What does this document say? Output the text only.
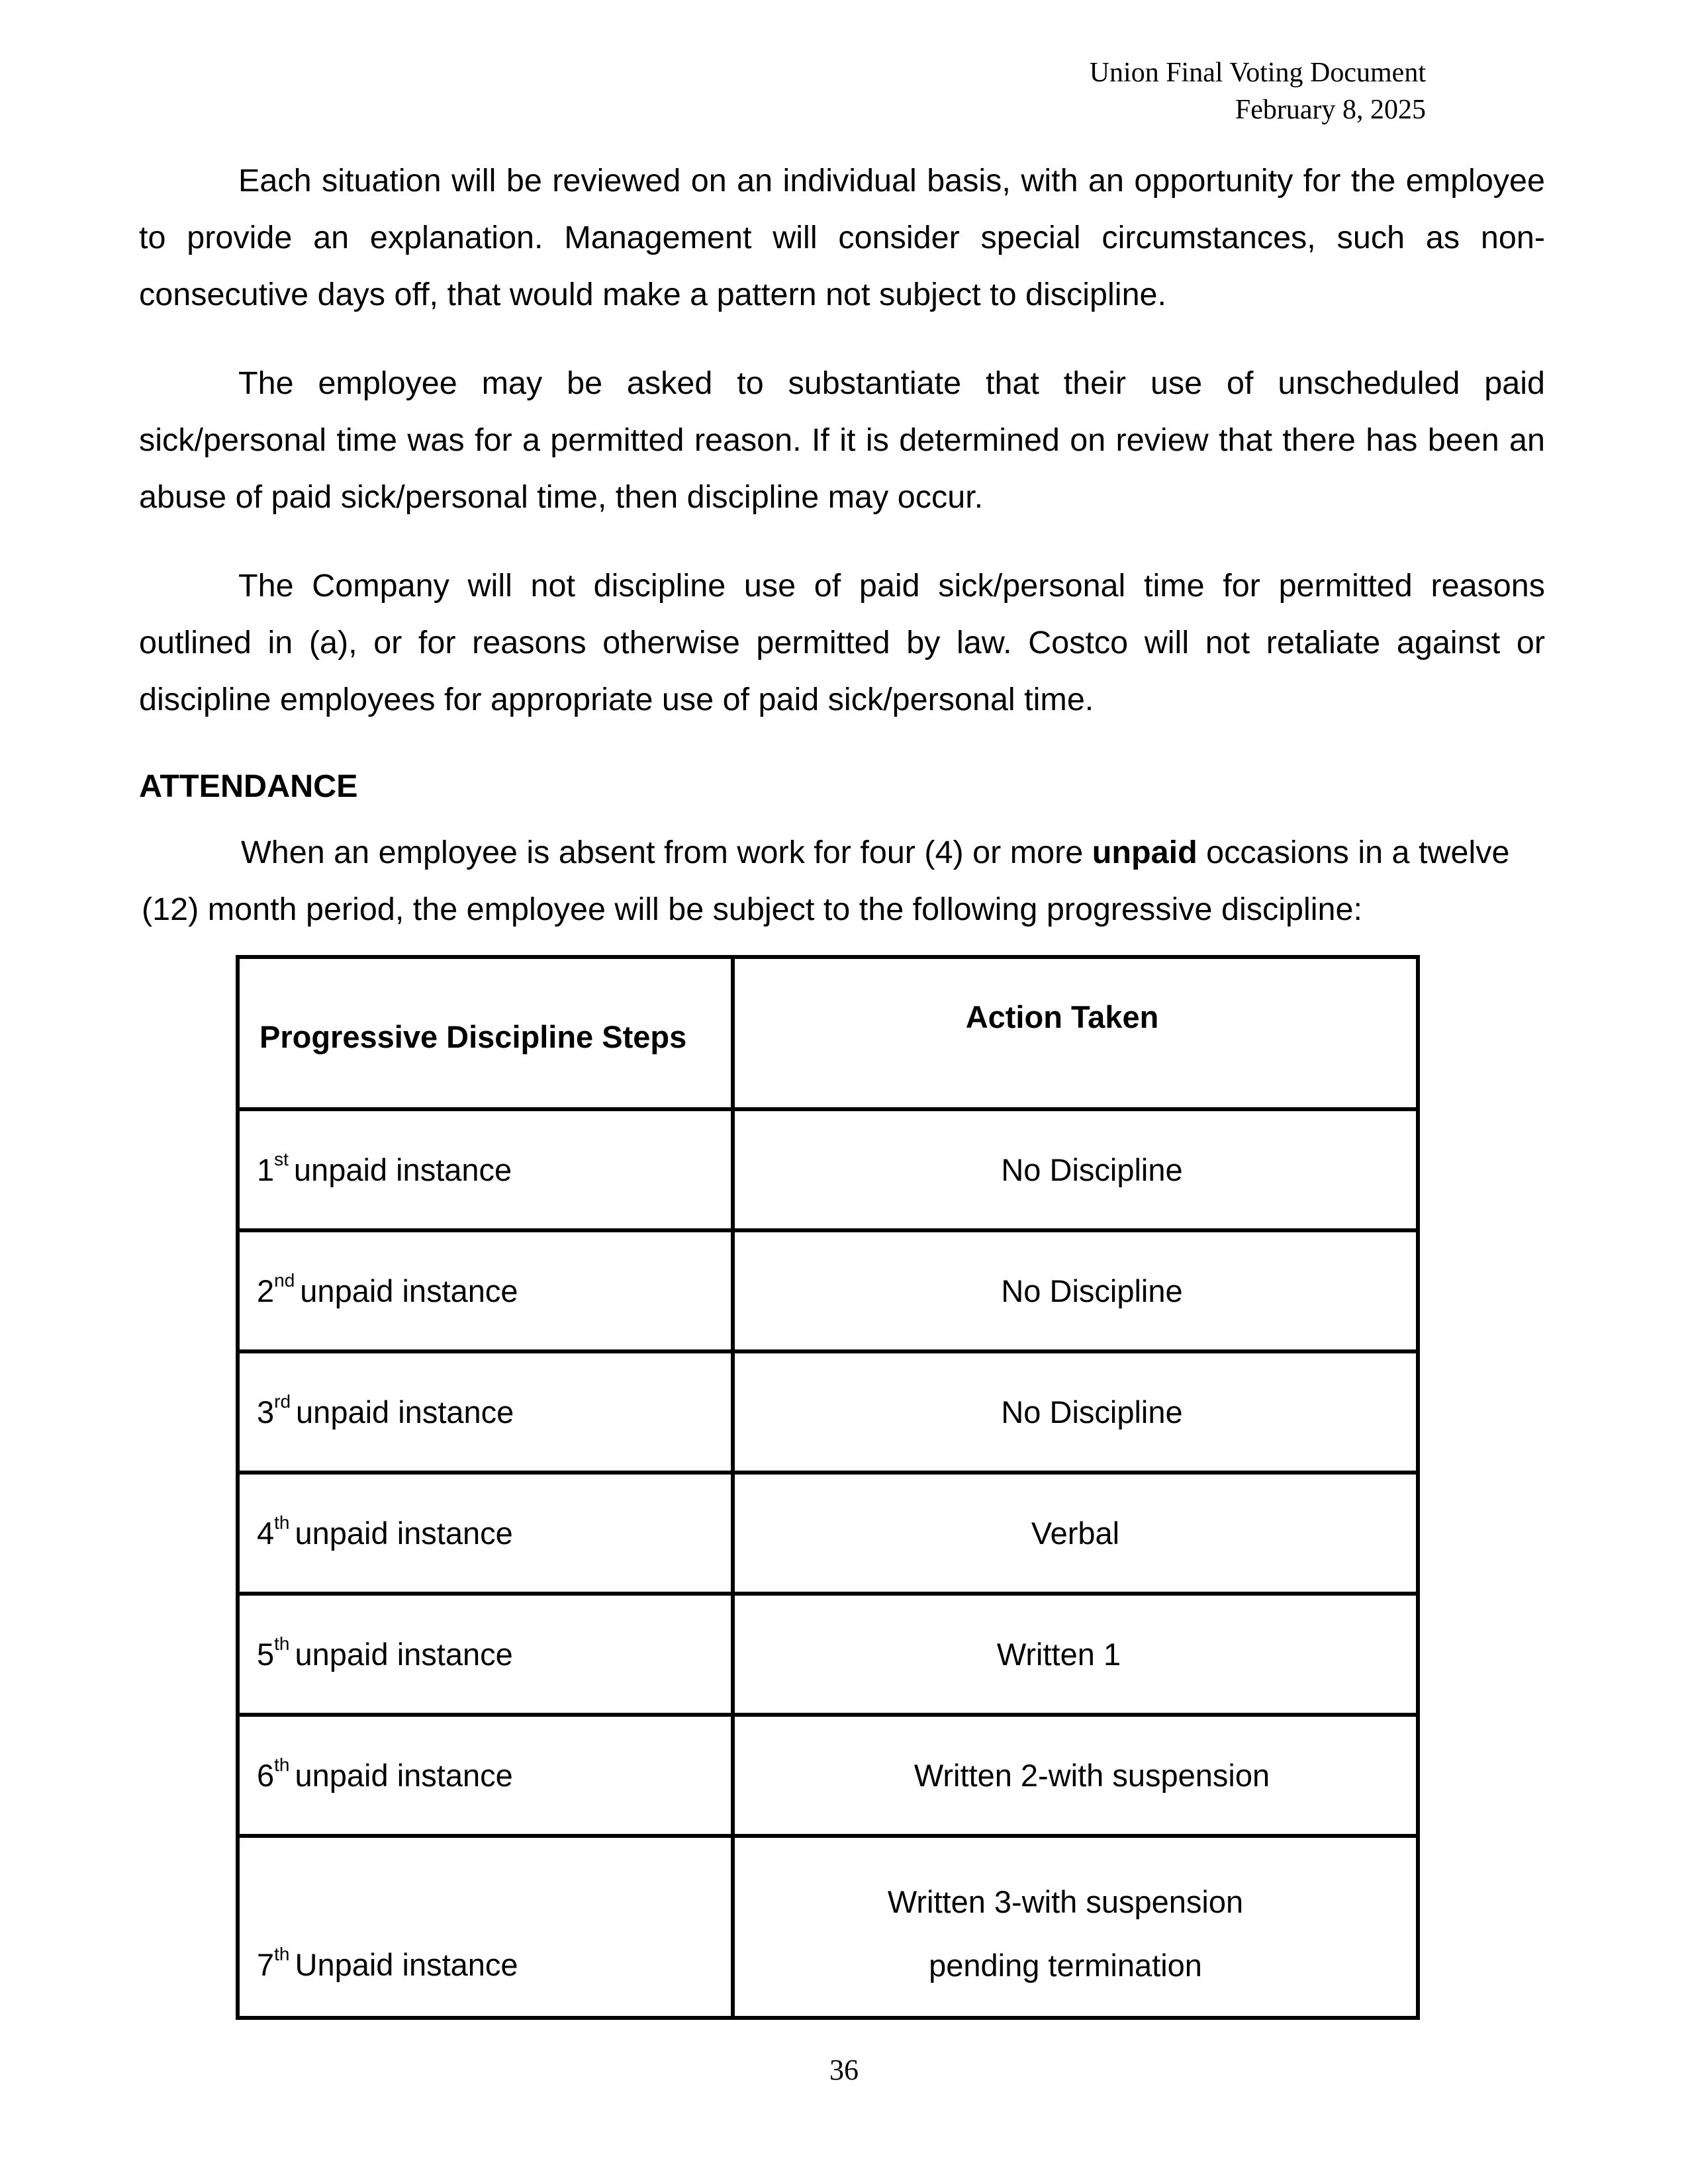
Union Final Voting Document
February 8, 2025

Each situation will be reviewed on an individual basis, with an opportunity for the employee to provide an explanation. Management will consider special circumstances, such as non-consecutive days off, that would make a pattern not subject to discipline.

The employee may be asked to substantiate that their use of unscheduled paid sick/personal time was for a permitted reason. If it is determined on review that there has been an abuse of paid sick/personal time, then discipline may occur.

The Company will not discipline use of paid sick/personal time for permitted reasons outlined in (a), or for reasons otherwise permitted by law. Costco will not retaliate against or discipline employees for appropriate use of paid sick/personal time.

ATTENDANCE

When an employee is absent from work for four (4) or more unpaid occasions in a twelve (12) month period, the employee will be subject to the following progressive discipline:

Progressive Discipline Steps	Action Taken
1st unpaid instance	No Discipline
2nd unpaid instance	No Discipline
3rd unpaid instance	No Discipline
4th unpaid instance	Verbal
5th unpaid instance	Written 1
6th unpaid instance	Written 2-with suspension
7th Unpaid instance	Written 3-with suspension
pending termination
36
